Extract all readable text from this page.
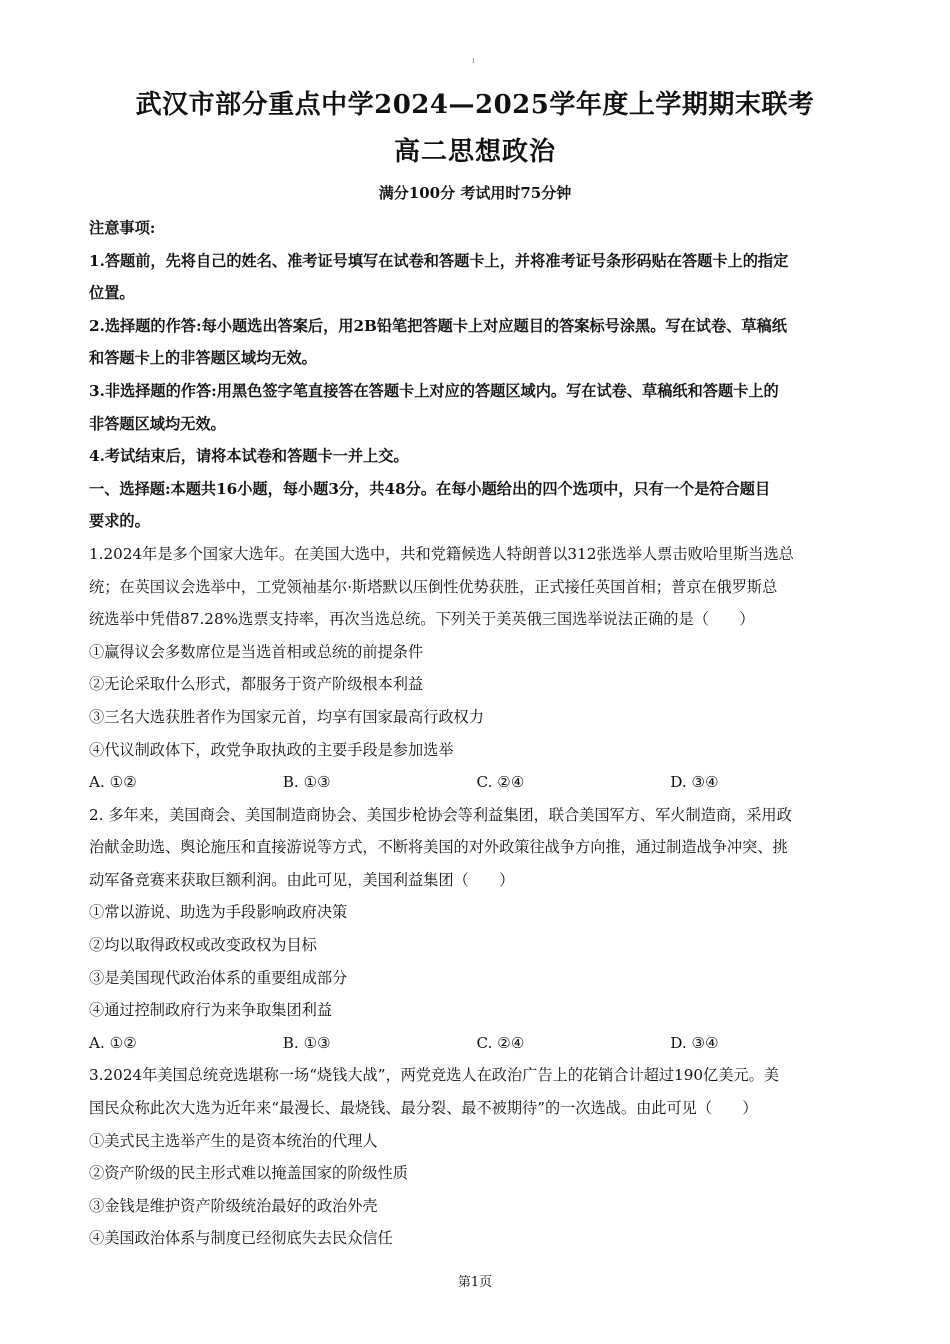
ı
武汉市部分重点中学2024—2025学年度上学期期末联考
高二思想政治
满分100分 考试用时75分钟
注意事项:
1.答题前，先将自己的姓名、准考证号填写在试卷和答题卡上，并将准考证号条形码贴在答题卡上的指定
位置。
2.选择题的作答:每小题选出答案后，用2B铅笔把答题卡上对应题目的答案标号涂黑。写在试卷、草稿纸
和答题卡上的非答题区域均无效。
3.非选择题的作答:用黑色签字笔直接答在答题卡上对应的答题区域内。写在试卷、草稿纸和答题卡上的
非答题区域均无效。
4.考试结束后，请将本试卷和答题卡一并上交。
一、选择题:本题共16小题，每小题3分，共48分。在每小题给出的四个选项中，只有一个是符合题目
要求的。
1.2024年是多个国家大选年。在美国大选中，共和党籍候选人特朗普以312张选举人票击败哈里斯当选总
统；在英国议会选举中，工党领袖基尔·斯塔默以压倒性优势获胜，正式接任英国首相；普京在俄罗斯总
统选举中凭借87.28%选票支持率，再次当选总统。下列关于美英俄三国选举说法正确的是（　　）
①赢得议会多数席位是当选首相或总统的前提条件
②无论采取什么形式，都服务于资产阶级根本利益
③三名大选获胜者作为国家元首，均享有国家最高行政权力
④代议制政体下，政党争取执政的主要手段是参加选举
A. ①②	B. ①③	C. ②④	D. ③④
2. 多年来，美国商会、美国制造商协会、美国步枪协会等利益集团，联合美国军方、军火制造商，采用政
治献金助选、舆论施压和直接游说等方式，不断将美国的对外政策往战争方向推，通过制造战争冲突、挑
动军备竞赛来获取巨额利润。由此可见，美国利益集团（　　）
①常以游说、助选为手段影响政府决策
②均以取得政权或改变政权为目标
③是美国现代政治体系的重要组成部分
④通过控制政府行为来争取集团利益
A. ①②	B. ①③	C. ②④	D. ③④
3.2024年美国总统竞选堪称一场“烧钱大战”，两党竞选人在政治广告上的花销合计超过190亿美元。美
国民众称此次大选为近年来“最漫长、最烧钱、最分裂、最不被期待”的一次选战。由此可见（　　）
①美式民主选举产生的是资本统治的代理人
②资产阶级的民主形式难以掩盖国家的阶级性质
③金钱是维护资产阶级统治最好的政治外壳
④美国政治体系与制度已经彻底失去民众信任
第1页
